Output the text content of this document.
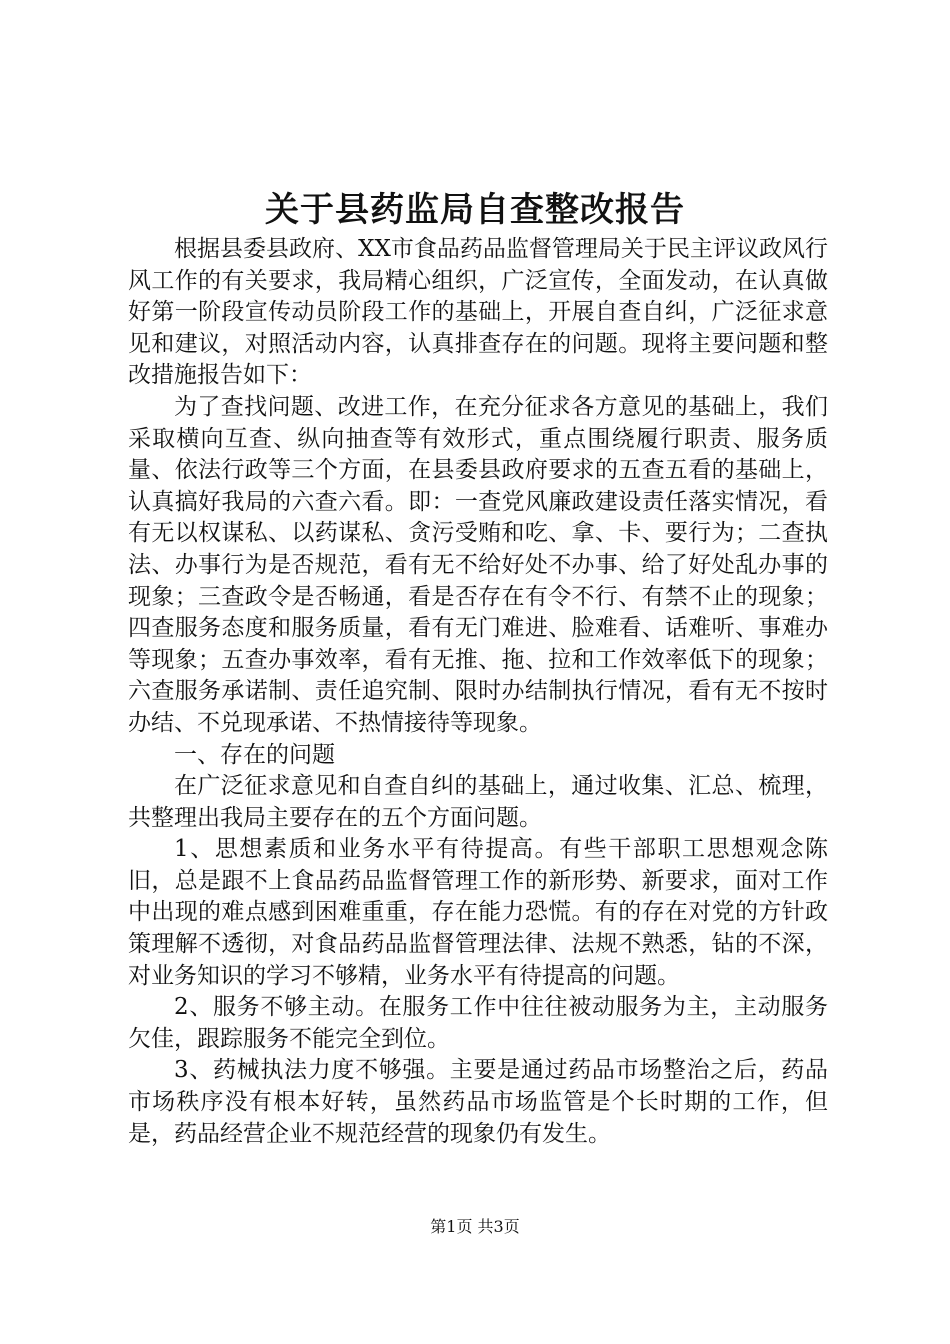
关于县药监局自查整改报告

根据县委县政府、XX市食品药品监督管理局关于民主评议政风行风工作的有关要求，我局精心组织，广泛宣传，全面发动，在认真做好第一阶段宣传动员阶段工作的基础上，开展自查自纠，广泛征求意见和建议，对照活动内容，认真排查存在的问题。现将主要问题和整改措施报告如下：

为了查找问题、改进工作，在充分征求各方意见的基础上，我们采取横向互查、纵向抽查等有效形式，重点围绕履行职责、服务质量、依法行政等三个方面，在县委县政府要求的五查五看的基础上，认真搞好我局的六查六看。即：一查党风廉政建设责任落实情况，看有无以权谋私、以药谋私、贪污受贿和吃、拿、卡、要行为；二查执法、办事行为是否规范，看有无不给好处不办事、给了好处乱办事的现象；三查政令是否畅通，看是否存在有令不行、有禁不止的现象；四查服务态度和服务质量，看有无门难进、脸难看、话难听、事难办等现象；五查办事效率，看有无推、拖、拉和工作效率低下的现象；六查服务承诺制、责任追究制、限时办结制执行情况，看有无不按时办结、不兑现承诺、不热情接待等现象。

一、存在的问题

在广泛征求意见和自查自纠的基础上，通过收集、汇总、梳理，共整理出我局主要存在的五个方面问题。

1、思想素质和业务水平有待提高。有些干部职工思想观念陈旧，总是跟不上食品药品监督管理工作的新形势、新要求，面对工作中出现的难点感到困难重重，存在能力恐慌。有的存在对党的方针政策理解不透彻，对食品药品监督管理法律、法规不熟悉，钻的不深，对业务知识的学习不够精，业务水平有待提高的问题。

2、服务不够主动。在服务工作中往往被动服务为主，主动服务欠佳，跟踪服务不能完全到位。

3、药械执法力度不够强。主要是通过药品市场整治之后，药品市场秩序没有根本好转，虽然药品市场监管是个长时期的工作，但是，药品经营企业不规范经营的现象仍有发生。

第1页 共3页
